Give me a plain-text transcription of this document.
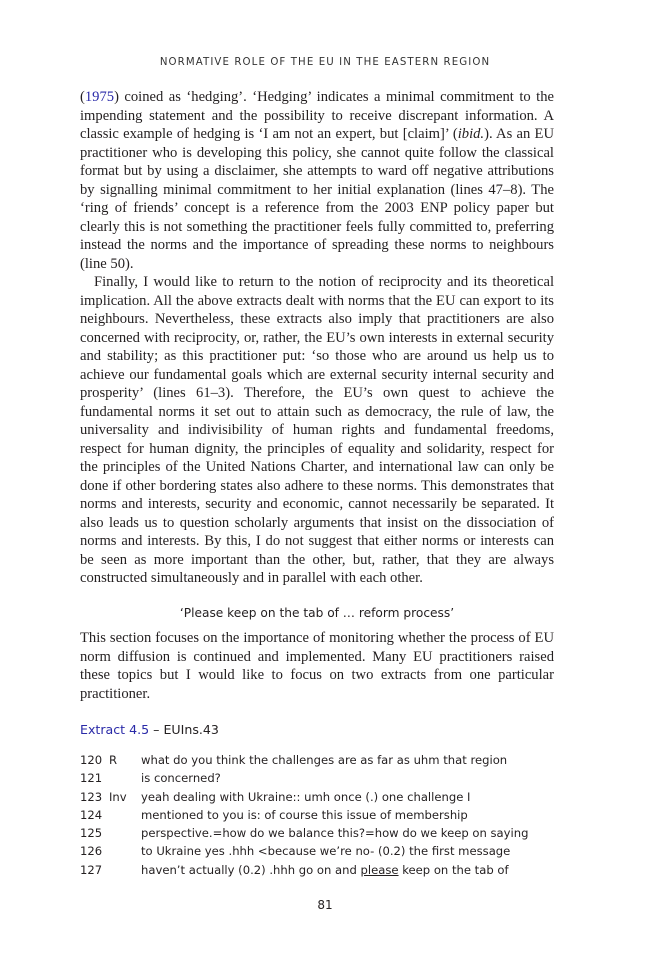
NORMATIVE ROLE OF THE EU IN THE EASTERN REGION

(1975) coined as ‘hedging’. ‘Hedging’ indicates a minimal commitment to the impending statement and the possibility to receive discrepant information. A classic example of hedging is ‘I am not an expert, but [claim]’ (ibid.). As an EU practitioner who is developing this policy, she cannot quite follow the classical format but by using a disclaimer, she attempts to ward off negative attributions by signalling minimal commitment to her initial explanation (lines 47–8). The ‘ring of friends’ concept is a reference from the 2003 ENP policy paper but clearly this is not something the practitioner feels fully committed to, preferring instead the norms and the importance of spreading these norms to neighbours (line 50).

Finally, I would like to return to the notion of reciprocity and its theoretical implication. All the above extracts dealt with norms that the EU can export to its neighbours. Nevertheless, these extracts also imply that practitioners are also concerned with reciprocity, or, rather, the EU’s own interests in external security and stability; as this practitioner put: ‘so those who are around us help us to achieve our fundamental goals which are external security internal security and prosperity’ (lines 61–3). Therefore, the EU’s own quest to achieve the fundamental norms it set out to attain such as democracy, the rule of law, the universality and indivisibility of human rights and fundamental freedoms, respect for human dignity, the principles of equality and solidarity, respect for the principles of the United Nations Charter, and international law can only be done if other bordering states also adhere to these norms. This demonstrates that norms and interests, security and economic, cannot necessarily be separated. It also leads us to question scholarly arguments that insist on the dissociation of norms and interests. By this, I do not suggest that either norms or interests can be seen as more important than the other, but, rather, that they are always constructed simultaneously and in parallel with each other.

‘Please keep on the tab of … reform process’
This section focuses on the importance of monitoring whether the process of EU norm diffusion is continued and implemented. Many EU practitioners raised these topics but I would like to focus on two extracts from one particular practitioner.
Extract 4.5 – EUIns.43
120 R	what do you think the challenges are as far as uhm that region
121	is concerned?
123 Inv	yeah dealing with Ukraine:: umh once (.) one challenge I
124	mentioned to you is: of course this issue of membership
125	perspective.=how do we balance this?=how do we keep on saying
126	to Ukraine yes .hhh <because we’re no- (0.2) the first message
127	haven’t actually (0.2) .hhh go on and please keep on the tab of
81
